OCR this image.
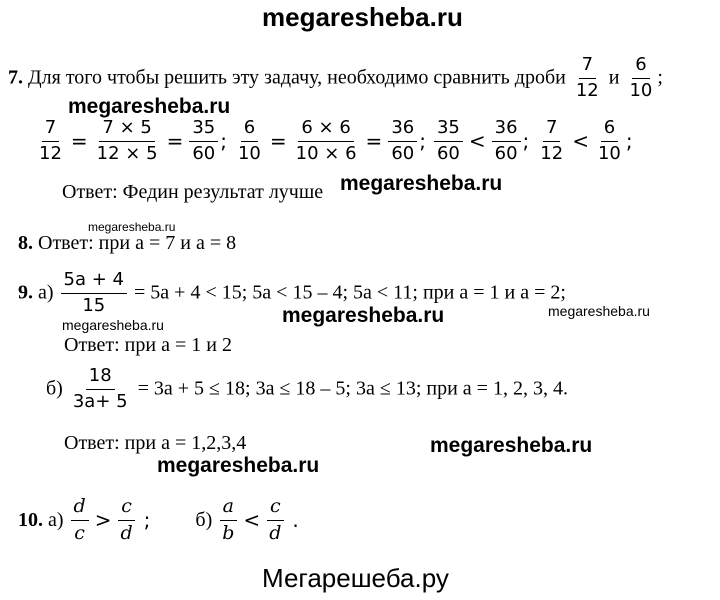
megaresheba.ru
7. Для того чтобы решить эту задачу, необходимо сравнить дроби $\frac{7}{12}$ и $\frac{6}{10}$ ;
megaresheba.ru
$\frac{7}{12} = \frac{7 \times 5}{12 \times 5} = \frac{35}{60}$ ; $\frac{6}{10} = \frac{6 \times 6}{10 \times 6} = \frac{36}{60}$ ; $\frac{35}{60} < \frac{36}{60}$ ; $\frac{7}{12} < \frac{6}{10}$ ;
Ответ: Федин результат лучше megaresheba.ru
megaresheba.ru
8. Ответ: при а = 7 и а = 8
9. $а) \frac{5a + 4}{15} = 5а + 4 < 15$; 5а < 15 – 4; 5а < 11; при а = 1 и а = 2;
megaresheba.ru	megaresheba.ru	megaresheba.ru
Ответ: при а = 1 и 2
$б) \frac{18}{3a+ 5} = 3а + 5 \le 18$; 3а ≤ 18 – 5; 3а ≤ 13; при а = 1, 2, 3, 4.
Ответ: при а = 1,2,3,4	megaresheba.ru
megaresheba.ru
10. $а) \frac{d}{c} > \frac{c}{d}$ ; $б) \frac{a}{b} < \frac{c}{d}$ .
Мегарешеба.ру
